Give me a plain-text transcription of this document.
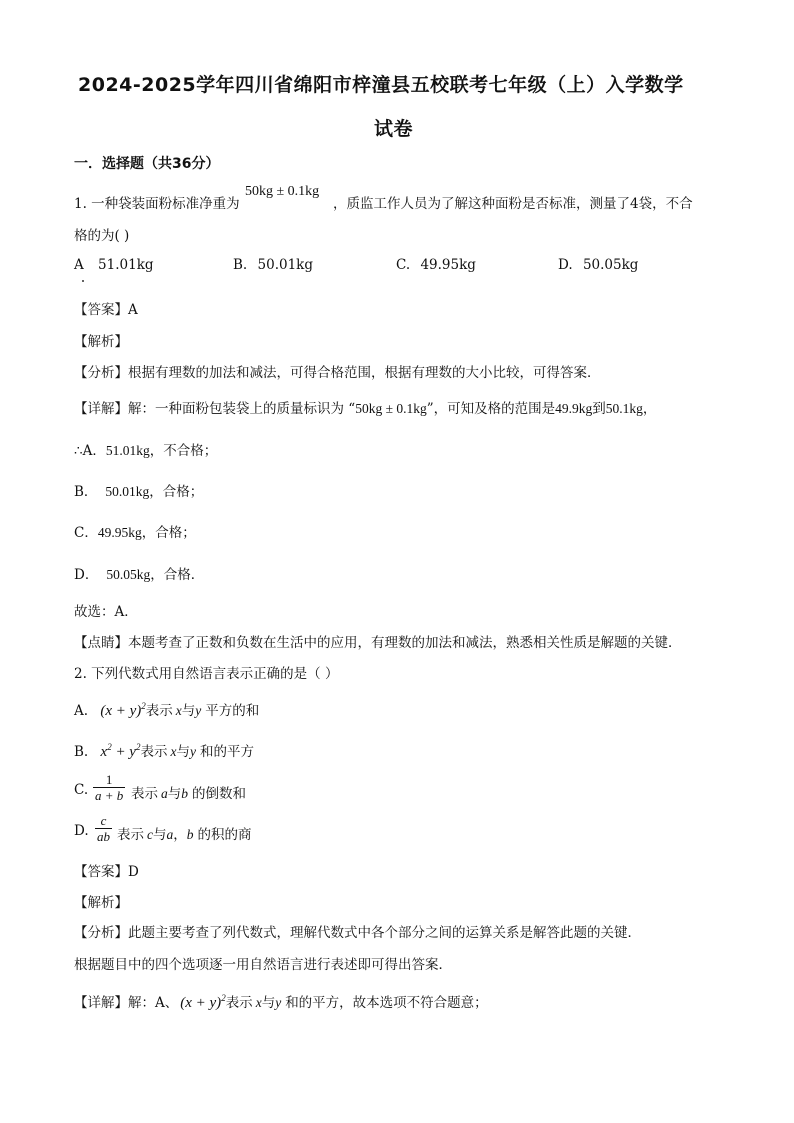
2024-2025学年四川省绵阳市梓潼县五校联考七年级（上）入学数学
试卷
一．选择题（共36分）
1. 一种袋装面粉标准净重为
50kg ± 0.1kg
，质监工作人员为了解这种面粉是否标准，测量了4袋，不合
格的为( )
A 51.01kg	B. 50.01kg	C. 49.95kg	D. 50.05kg
【答案】A
【解析】
【分析】根据有理数的加法和减法，可得合格范围，根据有理数的大小比较，可得答案．
【详解】解：一种面粉包装袋上的质量标识为 “50kg ± 0.1kg”，可知及格的范围是49.9kg到50.1kg，
∴A．51.01kg，不合格；
B． 50.01kg，合格；
C．49.95kg，合格；
D． 50.05kg，合格．
故选：A．
【点睛】本题考查了正数和负数在生活中的应用，有理数的加法和减法，熟悉相关性质是解题的关键．
2. 下列代数式用自然语言表示正确的是（ ）
A. $(x + y)^2$表示 x与y 平方的和
B. $x^2 + y^2$表示 x与y 和的平方
C. $\frac{1}{a + b}$ 表示 a与b 的倒数和
D. $\frac{c}{ab}$ 表示 c与a，b 的积的商
【答案】D
【解析】
【分析】此题主要考查了列代数式，理解代数式中各个部分之间的运算关系是解答此题的关键．
根据题目中的四个选项逐一用自然语言进行表述即可得出答案．
【详解】解：A、 $(x + y)^2$表示 x与y 和的平方，故本选项不符合题意；
